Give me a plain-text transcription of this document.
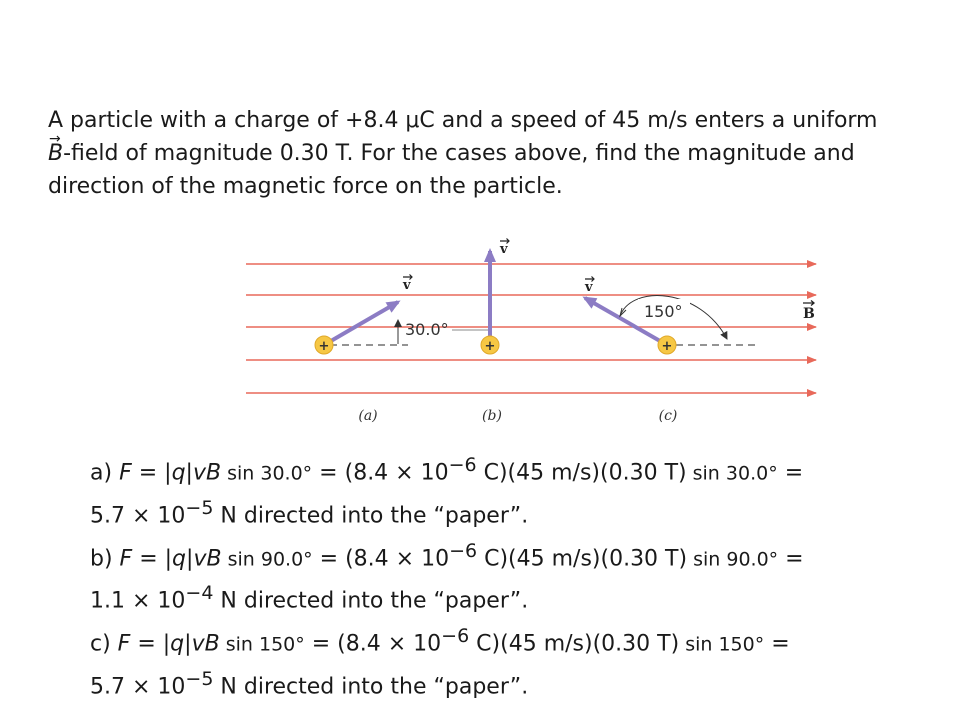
A particle with a charge of +8.4 μC and a speed of 45 m/s enters a uniform
→ B-field of magnitude 0.30 T. For the cases above, find the magnitude and
direction of the magnetic force on the particle.
B
30.0°
v
+
(a)
v
+
(b)
150°
v
+
(c)
a) F = |q|vB $\sin 30.0^\circ = (8.4 \times 10^{-6}$ C)(45 m/s)(0.30 T) sin 30.0° =
$5.7 \times 10^{-5}$ N directed into the “paper”.
b) F = |q|vB $\sin 90.0^\circ = (8.4 \times 10^{-6}$ C)(45 m/s)(0.30 T) sin 90.0° =
$1.1 \times 10^{-4}$ N directed into the “paper”.
c) F = |q|vB $\sin 150^\circ = (8.4 \times 10^{-6}$ C)(45 m/s)(0.30 T) sin 150° =
$5.7 \times 10^{-5}$ N directed into the “paper”.
